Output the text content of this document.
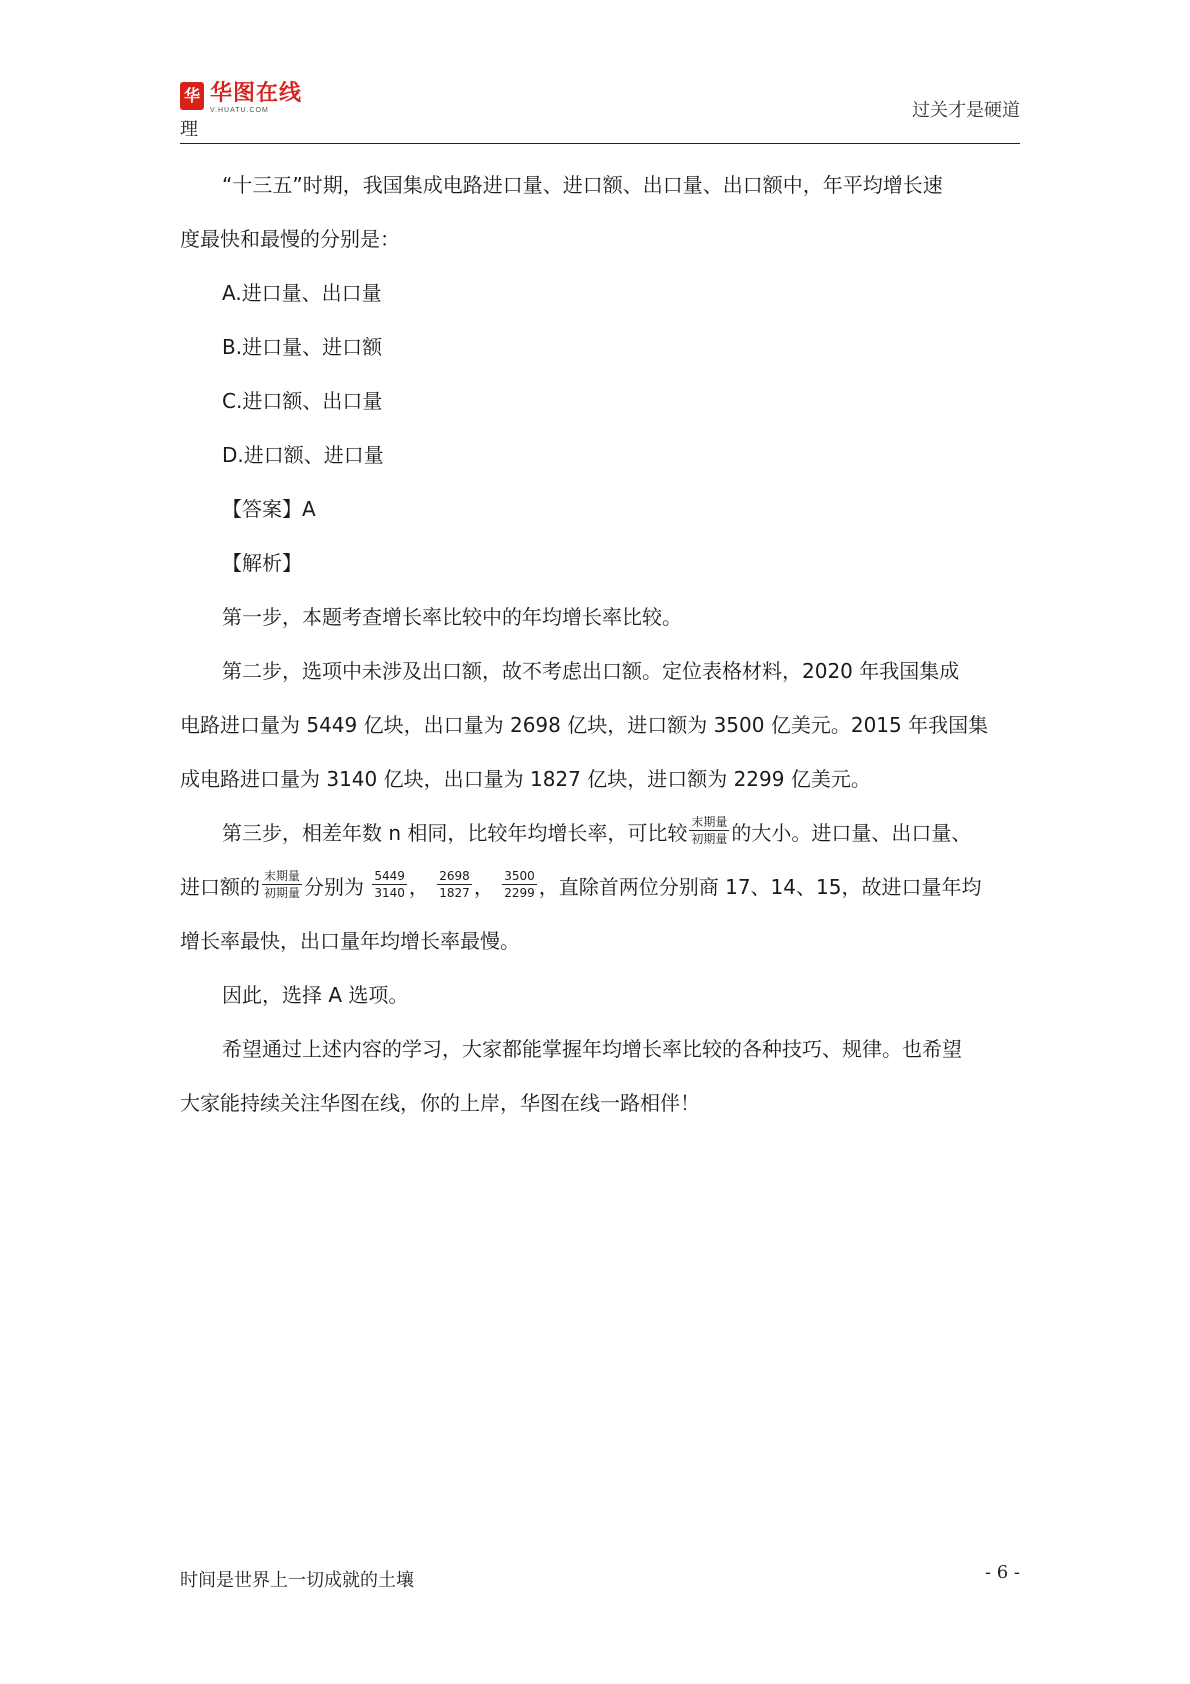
华 华图在线
V.HUATU.COM
理
过关才是硬道

“十三五”时期，我国集成电路进口量、进口额、出口量、出口额中，年平均增长速

度最快和最慢的分别是：

A.进口量、出口量

B.进口量、进口额

C.进口额、出口量

D.进口额、进口量

【答案】A

【解析】

第一步，本题考查增长率比较中的年均增长率比较。

第二步，选项中未涉及出口额，故不考虑出口额。定位表格材料，2020 年我国集成

电路进口量为 5449 亿块，出口量为 2698 亿块，进口额为 3500 亿美元。2015 年我国集

成电路进口量为 3140 亿块，出口量为 1827 亿块，进口额为 2299 亿美元。

第三步，相差年数 n 相同，比较年均增长率，可比较 $\frac{\text{末期量}}{\text{初期量}}$ 的大小。进口量、出口量、

进口额的 $\frac{\text{末期量}}{\text{初期量}}$ 分别为 $\frac{5449}{3140}$ ， $\frac{2698}{1827}$ ， $\frac{3500}{2299}$ ，直除首两位分别商 17、14、15，故进口量年均

增长率最快，出口量年均增长率最慢。

因此，选择 A 选项。

希望通过上述内容的学习，大家都能掌握年均增长率比较的各种技巧、规律。也希望

大家能持续关注华图在线，你的上岸，华图在线一路相伴！

时间是世界上一切成就的土壤	- 6 -
